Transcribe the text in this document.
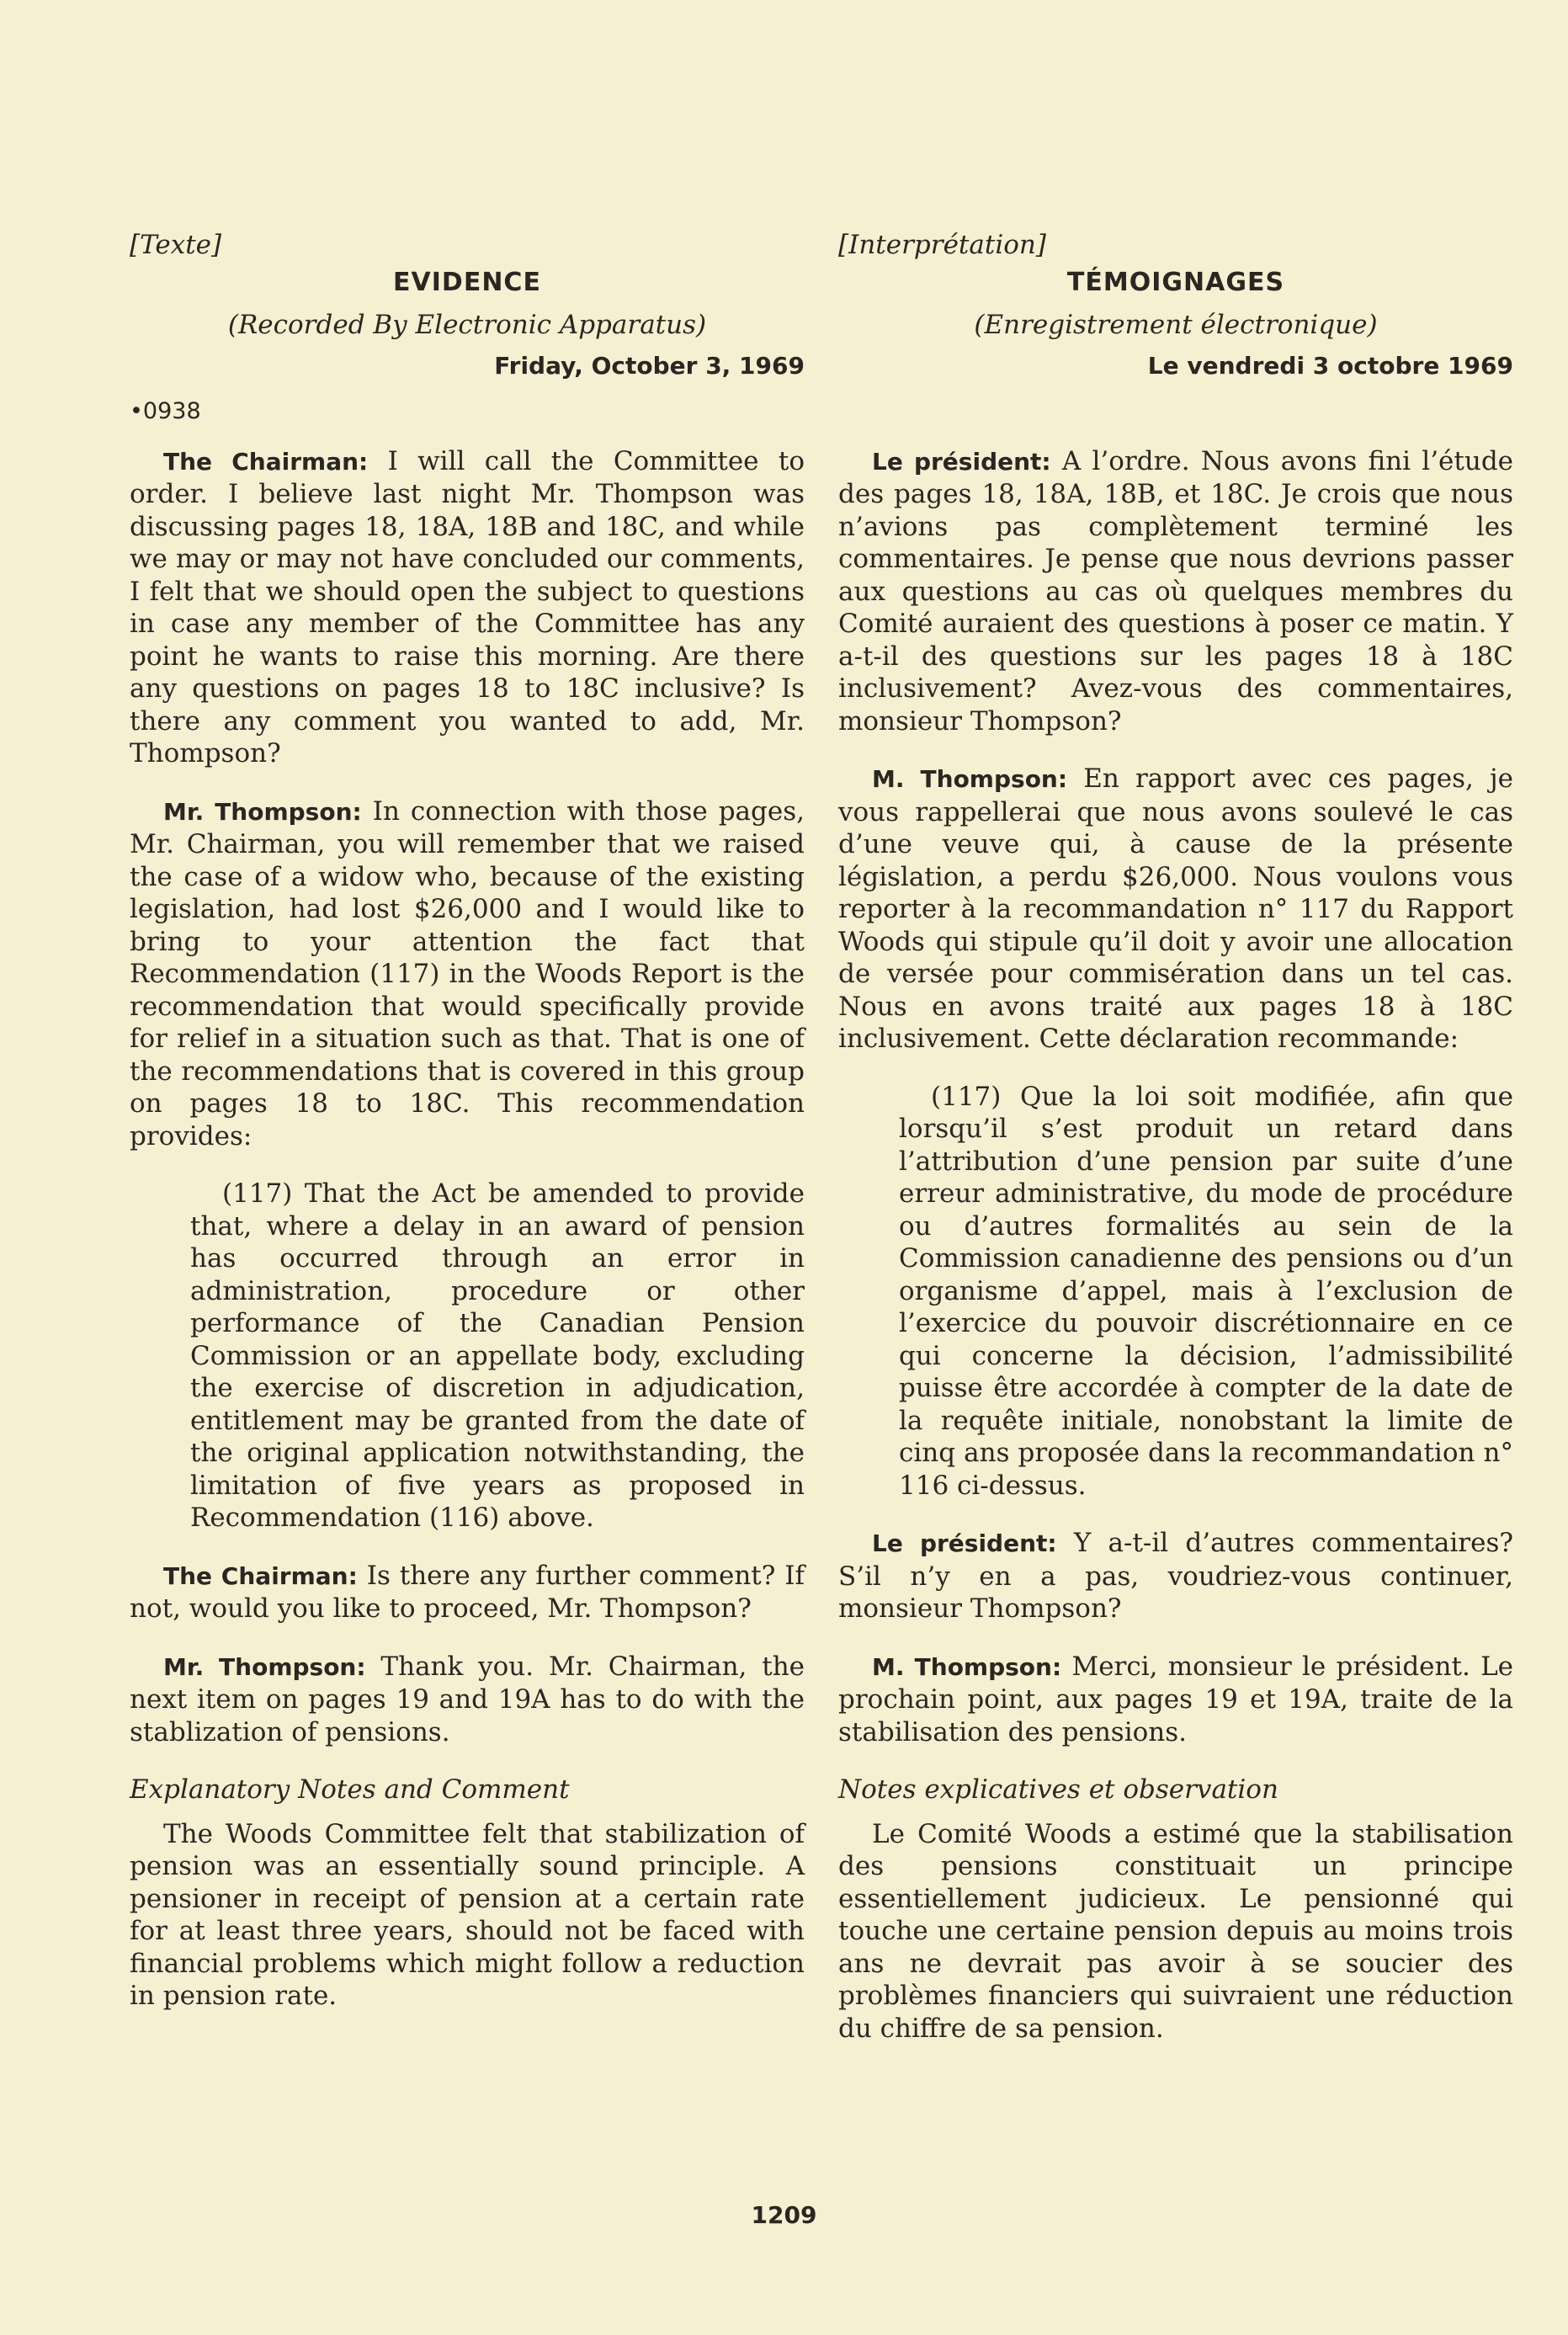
[Texte]

EVIDENCE

(Recorded By Electronic Apparatus)

Friday, October 3, 1969

•0938

The Chairman: I will call the Committee to order. I believe last night Mr. Thompson was discussing pages 18, 18A, 18B and 18C, and while we may or may not have concluded our comments, I felt that we should open the subject to questions in case any member of the Committee has any point he wants to raise this morning. Are there any questions on pages 18 to 18C inclusive? Is there any comment you wanted to add, Mr. Thompson?

Mr. Thompson: In connection with those pages, Mr. Chairman, you will remember that we raised the case of a widow who, because of the existing legislation, had lost $26,000 and I would like to bring to your attention the fact that Recommendation (117) in the Woods Report is the recommendation that would specifically provide for relief in a situation such as that. That is one of the recommendations that is covered in this group on pages 18 to 18C. This recommendation provides:

(117) That the Act be amended to provide that, where a delay in an award of pension has occurred through an error in administration, procedure or other performance of the Canadian Pension Commission or an appellate body, excluding the exercise of discretion in adjudication, entitlement may be granted from the date of the original application notwithstanding, the limitation of five years as proposed in Recommendation (116) above.

The Chairman: Is there any further comment? If not, would you like to proceed, Mr. Thompson?

Mr. Thompson: Thank you. Mr. Chairman, the next item on pages 19 and 19A has to do with the stablization of pensions.

Explanatory Notes and Comment

The Woods Committee felt that stabilization of pension was an essentially sound principle. A pensioner in receipt of pension at a certain rate for at least three years, should not be faced with financial problems which might follow a reduction in pension rate.

[Interprétation]

TÉMOIGNAGES

(Enregistrement électronique)

Le vendredi 3 octobre 1969

Le président: A l’ordre. Nous avons fini l’étude des pages 18, 18A, 18B, et 18C. Je crois que nous n’avions pas complètement terminé les commentaires. Je pense que nous devrions passer aux questions au cas où quelques membres du Comité auraient des questions à poser ce matin. Y a-t-il des questions sur les pages 18 à 18C inclusivement? Avez-vous des commentaires, monsieur Thompson?

M. Thompson: En rapport avec ces pages, je vous rappellerai que nous avons soulevé le cas d’une veuve qui, à cause de la présente législation, a perdu $26,000. Nous voulons vous reporter à la recommandation n° 117 du Rapport Woods qui stipule qu’il doit y avoir une allocation de versée pour commisération dans un tel cas. Nous en avons traité aux pages 18 à 18C inclusivement. Cette déclaration recommande:

(117) Que la loi soit modifiée, afin que lorsqu’il s’est produit un retard dans l’attribution d’une pension par suite d’une erreur administrative, du mode de procédure ou d’autres formalités au sein de la Commission canadienne des pensions ou d’un organisme d’appel, mais à l’exclusion de l’exercice du pouvoir discrétionnaire en ce qui concerne la décision, l’admissibilité puisse être accordée à compter de la date de la requête initiale, nonobstant la limite de cinq ans proposée dans la recommandation n° 116 ci-dessus.

Le président: Y a-t-il d’autres commentaires? S’il n’y en a pas, voudriez-vous continuer, monsieur Thompson?

M. Thompson: Merci, monsieur le président. Le prochain point, aux pages 19 et 19A, traite de la stabilisation des pensions.

Notes explicatives et observation

Le Comité Woods a estimé que la stabilisation des pensions constituait un principe essentiellement judicieux. Le pensionné qui touche une certaine pension depuis au moins trois ans ne devrait pas avoir à se soucier des problèmes financiers qui suivraient une réduction du chiffre de sa pension.

1209
